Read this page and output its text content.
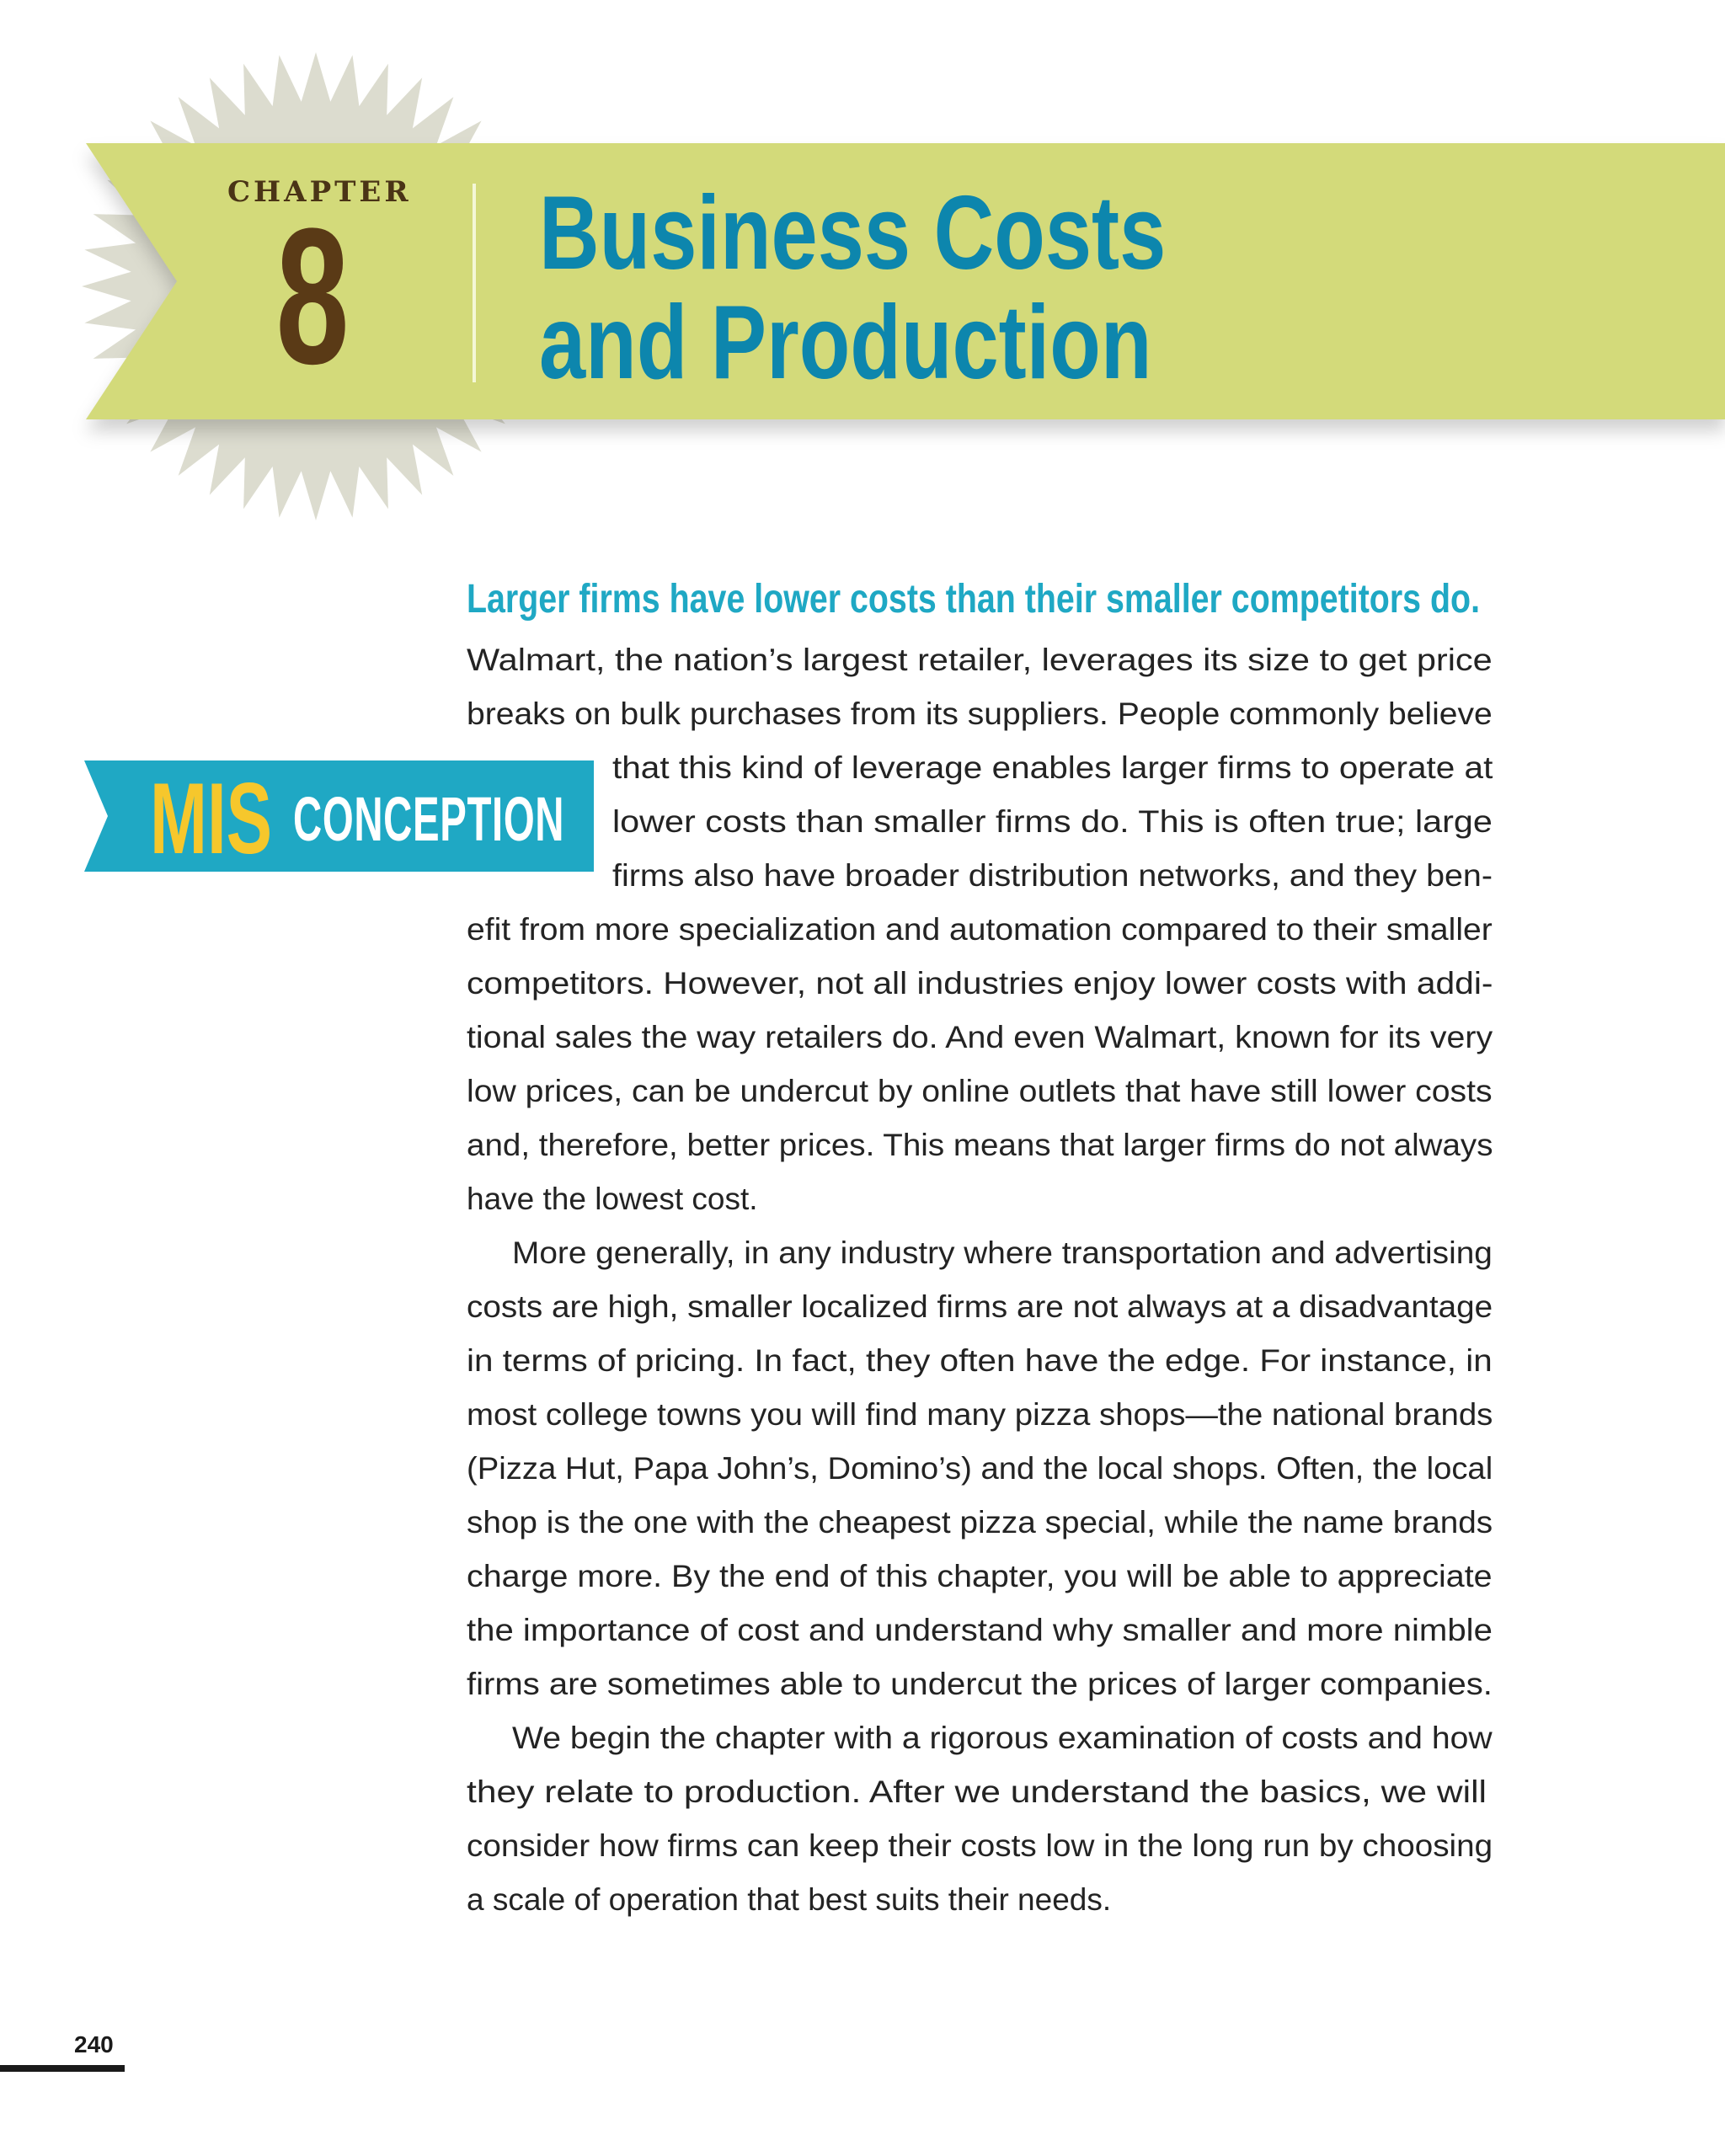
CHAPTER
8 Business Costs
and Production
MIS CONCEPTION
Larger firms have lower costs than their smaller competitors do.
Walmart, the nation’s largest retailer, leverages its size to get price
breaks on bulk purchases from its suppliers. People commonly believe
that this kind of leverage enables larger firms to operate at
lower costs than smaller firms do. This is often true; large
firms also have broader distribution networks, and they ben-
efit from more specialization and automation compared to their smaller
competitors. However, not all industries enjoy lower costs with addi-
tional sales the way retailers do. And even Walmart, known for its very
low prices, can be undercut by online outlets that have still lower costs
and, therefore, better prices. This means that larger firms do not always
have the lowest cost.
More generally, in any industry where transportation and advertising
costs are high, smaller localized firms are not always at a disadvantage
in terms of pricing. In fact, they often have the edge. For instance, in
most college towns you will find many pizza shops—the national brands
(Pizza Hut, Papa John’s, Domino’s) and the local shops. Often, the local
shop is the one with the cheapest pizza special, while the name brands
charge more. By the end of this chapter, you will be able to appreciate
the importance of cost and understand why smaller and more nimble
firms are sometimes able to undercut the prices of larger companies.
We begin the chapter with a rigorous examination of costs and how
they relate to production. After we understand the basics, we will
consider how firms can keep their costs low in the long run by choosing
a scale of operation that best suits their needs.
240
